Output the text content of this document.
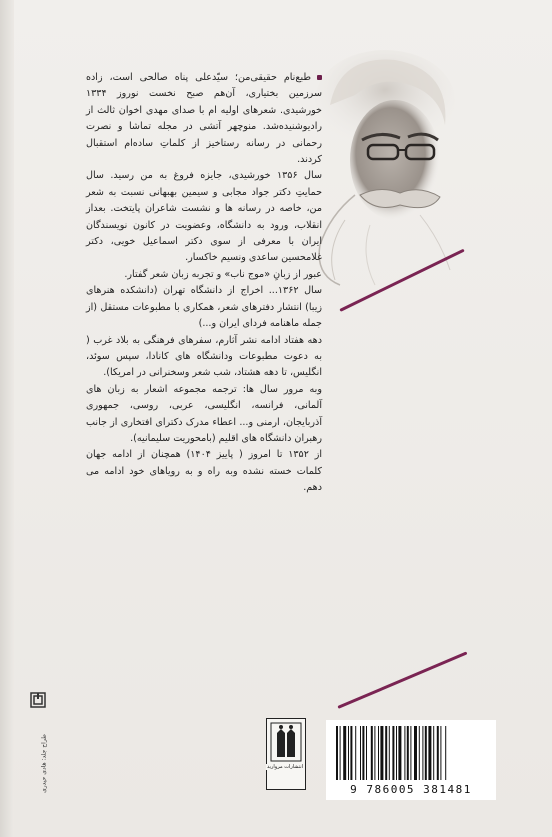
طبع‌نام حقیقی‌من؛ سیّدعلی پناه صالحی است، زاده سرزمین بختیاری، آن‌هم صبح نخست نوروز ۱۳۳۴ خورشیدی. شعرهای اولیه ام با صدای مهدی اخوان ثالث از رادیوشنیده‌شد. منوچهر آتشی در مجله تماشا و نصرت رحمانی در رسانه رستاخیز از کلماتِ ساده‌ام استقبال کردند.

سال ۱۳۵۶ خورشیدی، جایزه فروغ به من رسید. سال حمایتِ دکتر جواد مجابی و سیمین بهبهانی نسبت به شعر من، خاصه در رسانه ها و نشست شاعران پایتخت. بعداز انقلاب، ورود به دانشگاه، وعضویت در کانون نویسندگان ایران با معرفی از سوی دکتر اسماعیل خویی، دکتر غلامحسین ساعدی ونسیم خاکسار.

عبور از زبانِ «موج ناب» و تجربه زبان شعر گفتار.

سال ۱۳۶۲... اخراج از دانشگاه تهران (دانشکده هنرهای زیبا) انتشار دفترهای شعر، همکاری با مطبوعات مستقل (از جمله ماهنامه فردای ایران و...)

دهه هفتاد ادامه نشر آثارم، سفرهای فرهنگی به بلاد غرب ( به دعوت مطبوعات ودانشگاه های کانادا، سپس سوئد، انگلیس، تا دهه هشتاد، شب شعر وسخنرانی در امریکا).

وبه مرور سال ها: ترجمه مجموعه اشعار به زبان های آلمانی، فرانسه، انگلیسی، عربی، روسی، جمهوری آذربایجان، ارمنی و... اعطاء مدرک دکترای افتخاری از جانب رهبران دانشگاه های اقلیم (بامحوریت سلیمانیه).

از ۱۳۵۲ تا امروز ( پاییز ۱۴۰۴) همچنان از ادامه جهان کلمات خسته نشده وبه راه و به رویاهای خود ادامه می دهم.

انتشارات مروارید
9 786005 381481
طراح جلد: هادی حیدری
